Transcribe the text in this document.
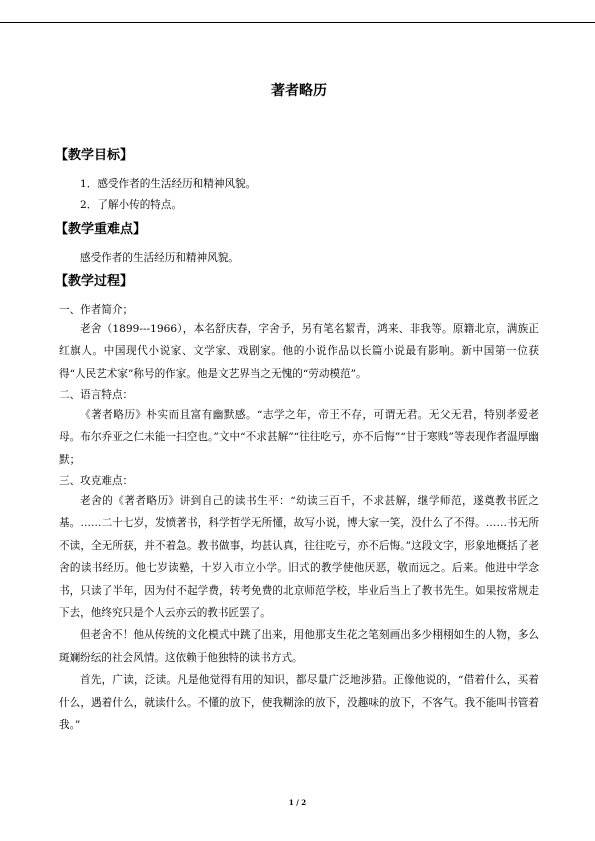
著者略历
【教学目标】
1．感受作者的生活经历和精神风貌。
2．了解小传的特点。
【教学重难点】
感受作者的生活经历和精神风貌。
【教学过程】
一、作者简介；

老舍（1899---1966），本名舒庆春，字舍予，另有笔名絜青，鸿来、非我等。原籍北京，满族正红旗人。中国现代小说家、文学家、戏剧家。他的小说作品以长篇小说最有影响。新中国第一位获得“人民艺术家”称号的作家。他是文艺界当之无愧的“劳动模范”。

二、语言特点：

《著者略历》朴实而且富有幽默感。“志学之年，帝王不存，可谓无君。无父无君，特别孝爱老母。布尔乔亚之仁未能一扫空也。”文中“不求甚解”“往往吃亏，亦不后悔”“甘于寒贱”等表现作者温厚幽默；

三、攻克难点：

老舍的《著者略历》讲到自己的读书生平：“幼读三百千，不求甚解，继学师范，遂奠教书匠之基。……二十七岁，发愤著书，科学哲学无所懂，故写小说，博大家一笑，没什么了不得。……书无所不读，全无所获，并不着急。教书做事，均甚认真，往往吃亏，亦不后悔。”这段文字，形象地概括了老舍的读书经历。他七岁读塾，十岁入市立小学。旧式的教学使他厌恶，敬而远之。后来。他进中学念书，只读了半年，因为付不起学费，转考免费的北京师范学校，毕业后当上了教书先生。如果按常规走下去，他终究只是个人云亦云的教书匠罢了。

但老舍不！他从传统的文化模式中跳了出来，用他那支生花之笔刻画出多少栩栩如生的人物，多么斑斓纷纭的社会风情。这依赖于他独特的读书方式。

首先，广读，泛读。凡是他觉得有用的知识，都尽量广泛地涉猎。正像他说的，“借着什么，买着什么，遇着什么，就读什么。不懂的放下，使我糊涂的放下，没趣味的放下，不客气。我不能叫书管着我。”

1 / 2
